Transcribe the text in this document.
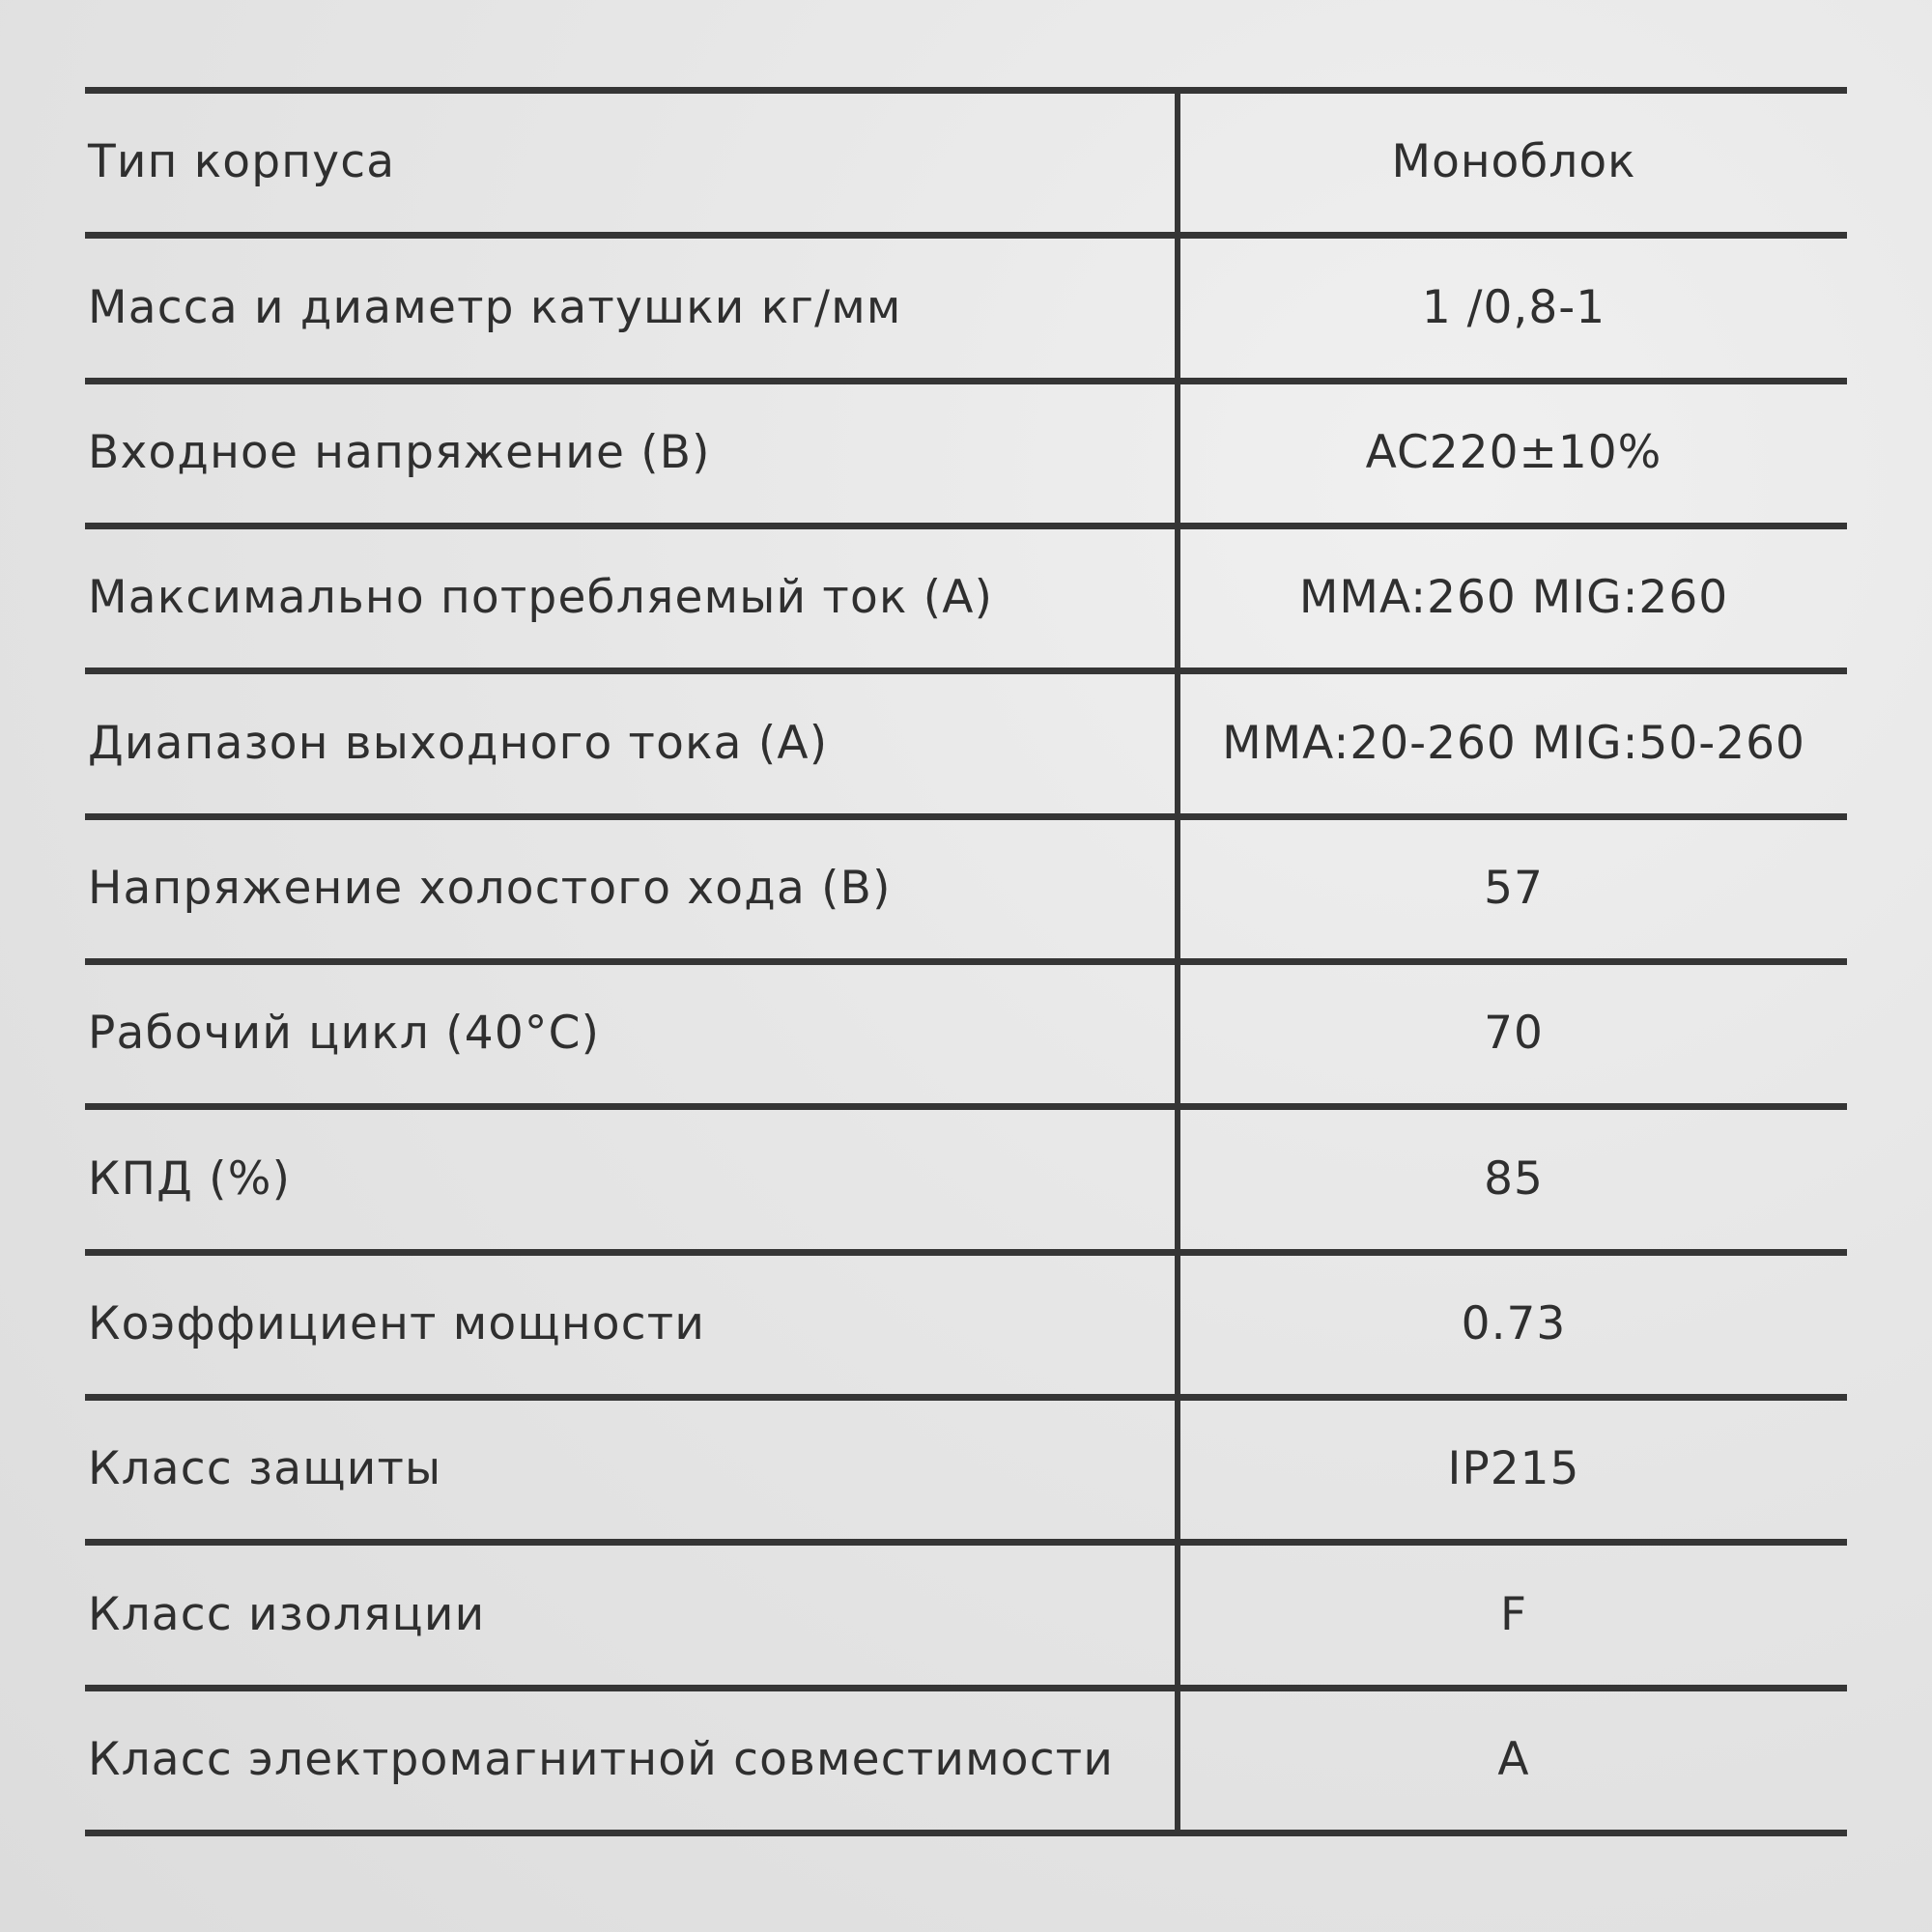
Тип корпуса	Моноблок
Масса и диаметр катушки кг/мм	1 /0,8-1
Входное напряжение (В)	AC220±10%
Максимально потребляемый ток (А)	MMA:260 MIG:260
Диапазон выходного тока (А)	MMA:20-260 MIG:50-260
Напряжение холостого хода (В)	57
Рабочий цикл (40°С)	70
КПД (%)	85
Коэффициент мощности	0.73
Класс защиты	IP215
Класс изоляции	F
Класс электромагнитной совместимости	A
